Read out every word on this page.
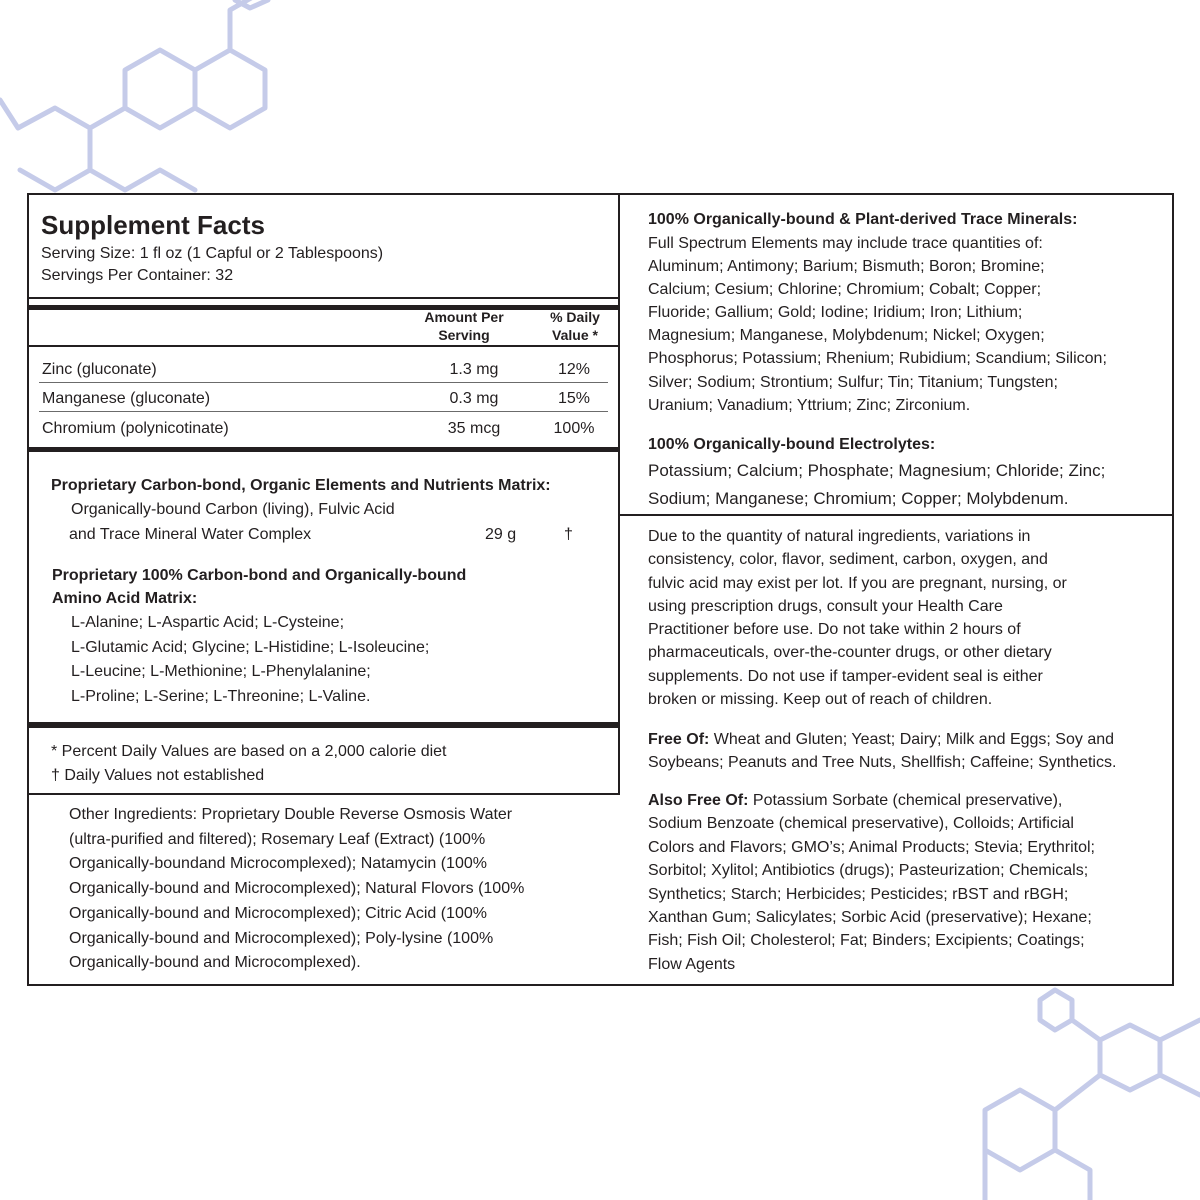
Supplement Facts
Serving Size: 1 fl oz (1 Capful or 2 Tablespoons)
Servings Per Container: 32
Amount Per
Serving
% Daily
Value *
Zinc (gluconate)	1.3 mg	12%
Manganese (gluconate)	0.3 mg	15%
Chromium (polynicotinate)	35 mcg	100%
Proprietary Carbon-bond, Organic Elements and Nutrients Matrix:
Organically-bound Carbon (living), Fulvic Acid
and Trace Mineral Water Complex	29 g	†
Proprietary 100% Carbon-bond and Organically-bound
Amino Acid Matrix:
L-Alanine; L-Aspartic Acid; L-Cysteine;
L-Glutamic Acid; Glycine; L-Histidine; L-Isoleucine;
L-Leucine; L-Methionine; L-Phenylalanine;
L-Proline; L-Serine; L-Threonine; L-Valine.
* Percent Daily Values are based on a 2,000 calorie diet
† Daily Values not established
Other Ingredients: Proprietary Double Reverse Osmosis Water
(ultra-purified and filtered); Rosemary Leaf (Extract) (100%
Organically-boundand Microcomplexed); Natamycin (100%
Organically-bound and Microcomplexed); Natural Flovors (100%
Organically-bound and Microcomplexed); Citric Acid (100%
Organically-bound and Microcomplexed); Poly-lysine (100%
Organically-bound and Microcomplexed).
100% Organically-bound & Plant-derived Trace Minerals:
Full Spectrum Elements may include trace quantities of:
Aluminum; Antimony; Barium; Bismuth; Boron; Bromine;
Calcium; Cesium; Chlorine; Chromium; Cobalt; Copper;
Fluoride; Gallium; Gold; Iodine; Iridium; Iron; Lithium;
Magnesium; Manganese, Molybdenum; Nickel; Oxygen;
Phosphorus; Potassium; Rhenium; Rubidium; Scandium; Silicon;
Silver; Sodium; Strontium; Sulfur; Tin; Titanium; Tungsten;
Uranium; Vanadium; Yttrium; Zinc; Zirconium.
100% Organically-bound Electrolytes:
Potassium; Calcium; Phosphate; Magnesium; Chloride; Zinc;
Sodium; Manganese; Chromium; Copper; Molybdenum.
Due to the quantity of natural ingredients, variations in
consistency, color, flavor, sediment, carbon, oxygen, and
fulvic acid may exist per lot. If you are pregnant, nursing, or
using prescription drugs, consult your Health Care
Practitioner before use. Do not take within 2 hours of
pharmaceuticals, over-the-counter drugs, or other dietary
supplements. Do not use if tamper-evident seal is either
broken or missing. Keep out of reach of children.
Free Of: Wheat and Gluten; Yeast; Dairy; Milk and Eggs; Soy and
Soybeans; Peanuts and Tree Nuts, Shellfish; Caffeine; Synthetics.
Also Free Of: Potassium Sorbate (chemical preservative),
Sodium Benzoate (chemical preservative), Colloids; Artificial
Colors and Flavors; GMO’s; Animal Products; Stevia; Erythritol;
Sorbitol; Xylitol; Antibiotics (drugs); Pasteurization; Chemicals;
Synthetics; Starch; Herbicides; Pesticides; rBST and rBGH;
Xanthan Gum; Salicylates; Sorbic Acid (preservative); Hexane;
Fish; Fish Oil; Cholesterol; Fat; Binders; Excipients; Coatings;
Flow Agents
